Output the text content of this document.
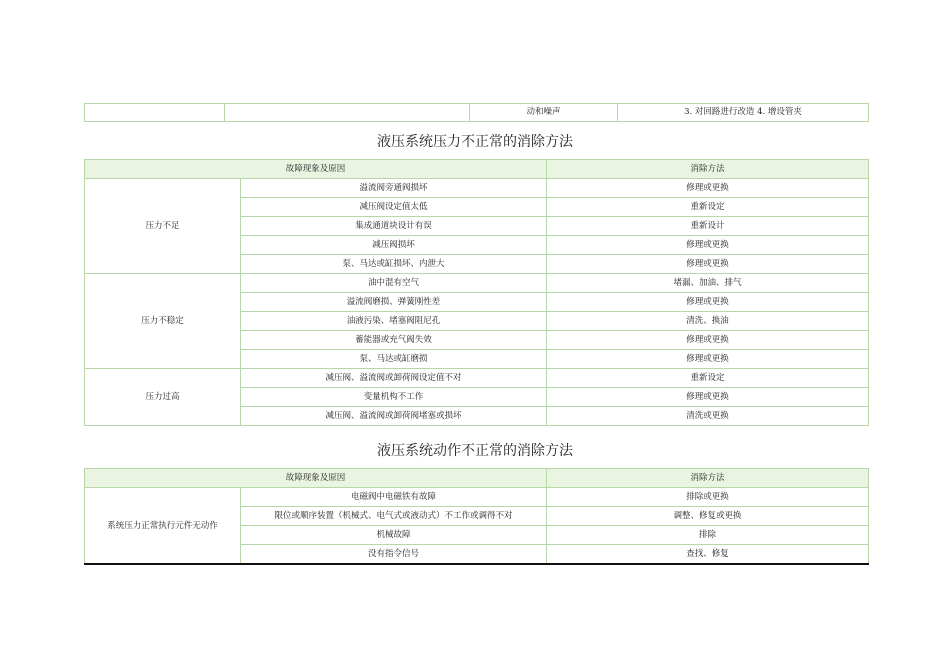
		动和噪声	3. 对回路进行改造 4. 增设管夹
液压系统压力不正常的消除方法
故障现象及原因		消除方法
压力不足	溢流阀旁通阀损坏	修理或更换
	减压阀设定值太低	重新设定
	集成通道块设计有误	重新设计
	减压阀损坏	修理或更换
	泵、马达或缸损坏、内泄大	修理或更换
压力不稳定	油中混有空气	堵漏、加油、排气
	溢流阀磨损、弹簧刚性差	修理或更换
	油液污染、堵塞阀阻尼孔	清洗、换油
	蓄能器或充气阀失效	修理或更换
	泵、马达或缸磨损	修理或更换
压力过高	减压阀、溢流阀或卸荷阀设定值不对	重新设定
	变量机构不工作	修理或更换
	减压阀、溢流阀或卸荷阀堵塞或损坏	清洗或更换
液压系统动作不正常的消除方法
故障现象及原因		消除方法
系统压力正常执行元件无动作	电磁阀中电磁铁有故障	排除或更换
	限位或顺序装置（机械式、电气式或液动式）不工作或调得不对	调整、修复或更换
	机械故障	排除
	没有指令信号	查找、修复
